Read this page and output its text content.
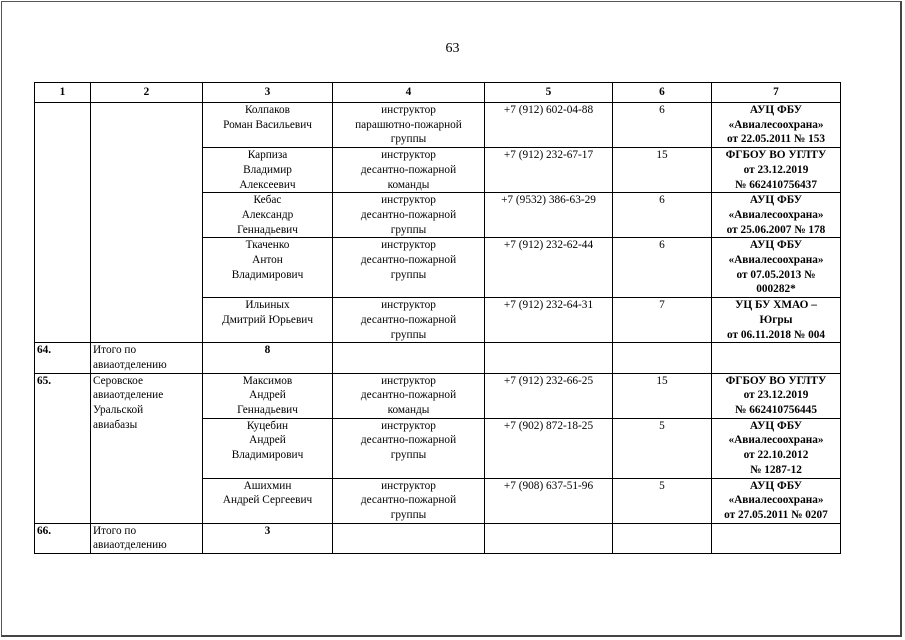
63
1	2	3	4	5	6	7
		Колпаков
Роман Васильевич	инструктор
парашютно-пожарной
группы	+7 (912) 602-04-88	6	АУЦ ФБУ
«Авиалесоохрана»
от 22.05.2011 № 153
		Карпиза
Владимир
Алексеевич	инструктор
десантно-пожарной
команды	+7 (912) 232-67-17	15	ФГБОУ ВО УГЛТУ
от 23.12.2019
№ 662410756437
		Кебас
Александр
Геннадьевич	инструктор
десантно-пожарной
группы	+7 (9532) 386-63-29	6	АУЦ ФБУ
«Авиалесоохрана»
от 25.06.2007 № 178
		Ткаченко
Антон
Владимирович	инструктор
десантно-пожарной
группы	+7 (912) 232-62-44	6	АУЦ ФБУ
«Авиалесоохрана»
от 07.05.2013 №
000282*
		Ильиных
Дмитрий Юрьевич	инструктор
десантно-пожарной
группы	+7 (912) 232-64-31	7	УЦ БУ ХМАО –
Югры
от 06.11.2018 № 004
64.	Итого по
авиаотделению	8				
65.	Серовское
авиаотделение
Уральской
авиабазы	Максимов
Андрей
Геннадьевич	инструктор
десантно-пожарной
команды	+7 (912) 232-66-25	15	ФГБОУ ВО УГЛТУ
от 23.12.2019
№ 662410756445
		Куцебин
Андрей
Владимирович	инструктор
десантно-пожарной
группы	+7 (902) 872-18-25	5	АУЦ ФБУ
«Авиалесоохрана»
от 22.10.2012
№ 1287-12
		Ашихмин
Андрей Сергеевич	инструктор
десантно-пожарной
группы	+7 (908) 637-51-96	5	АУЦ ФБУ
«Авиалесоохрана»
от 27.05.2011 № 0207
66.	Итого по
авиаотделению	3				
